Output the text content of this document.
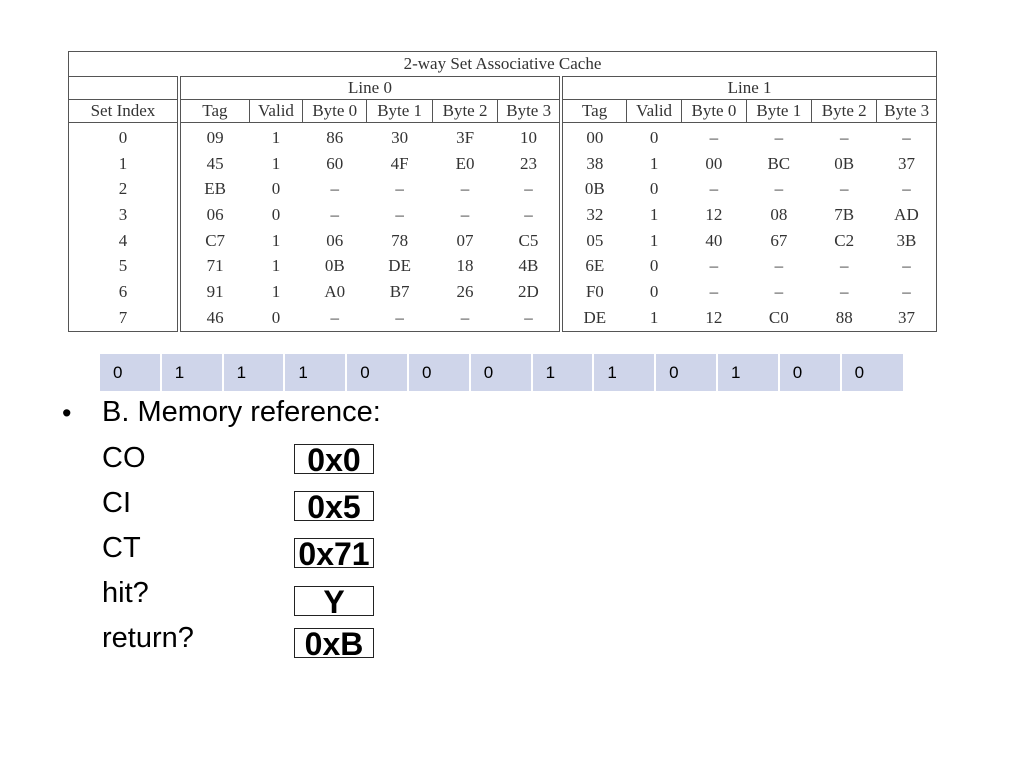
2-way Set Associative Cache												
	Line 0						Line 1					
Set Index	Tag	Valid	Byte 0	Byte 1	Byte 2	Byte 3	Tag	Valid	Byte 0	Byte 1	Byte 2	Byte 3
0	09	1	86	30	3F	10	00	0	–	–	–	–
1	45	1	60	4F	E0	23	38	1	00	BC	0B	37
2	EB	0	–	–	–	–	0B	0	–	–	–	–
3	06	0	–	–	–	–	32	1	12	08	7B	AD
4	C7	1	06	78	07	C5	05	1	40	67	C2	3B
5	71	1	0B	DE	18	4B	6E	0	–	–	–	–
6	91	1	A0	B7	26	2D	F0	0	–	–	–	–
7	46	0	–	–	–	–	DE	1	12	C0	88	37
0	1	1	1	0	0	0	1	1	0	1	0	0
• B. Memory reference:
CO	0x0
CI	0x5
CT	0x71
hit?	Y
return?	0xB
